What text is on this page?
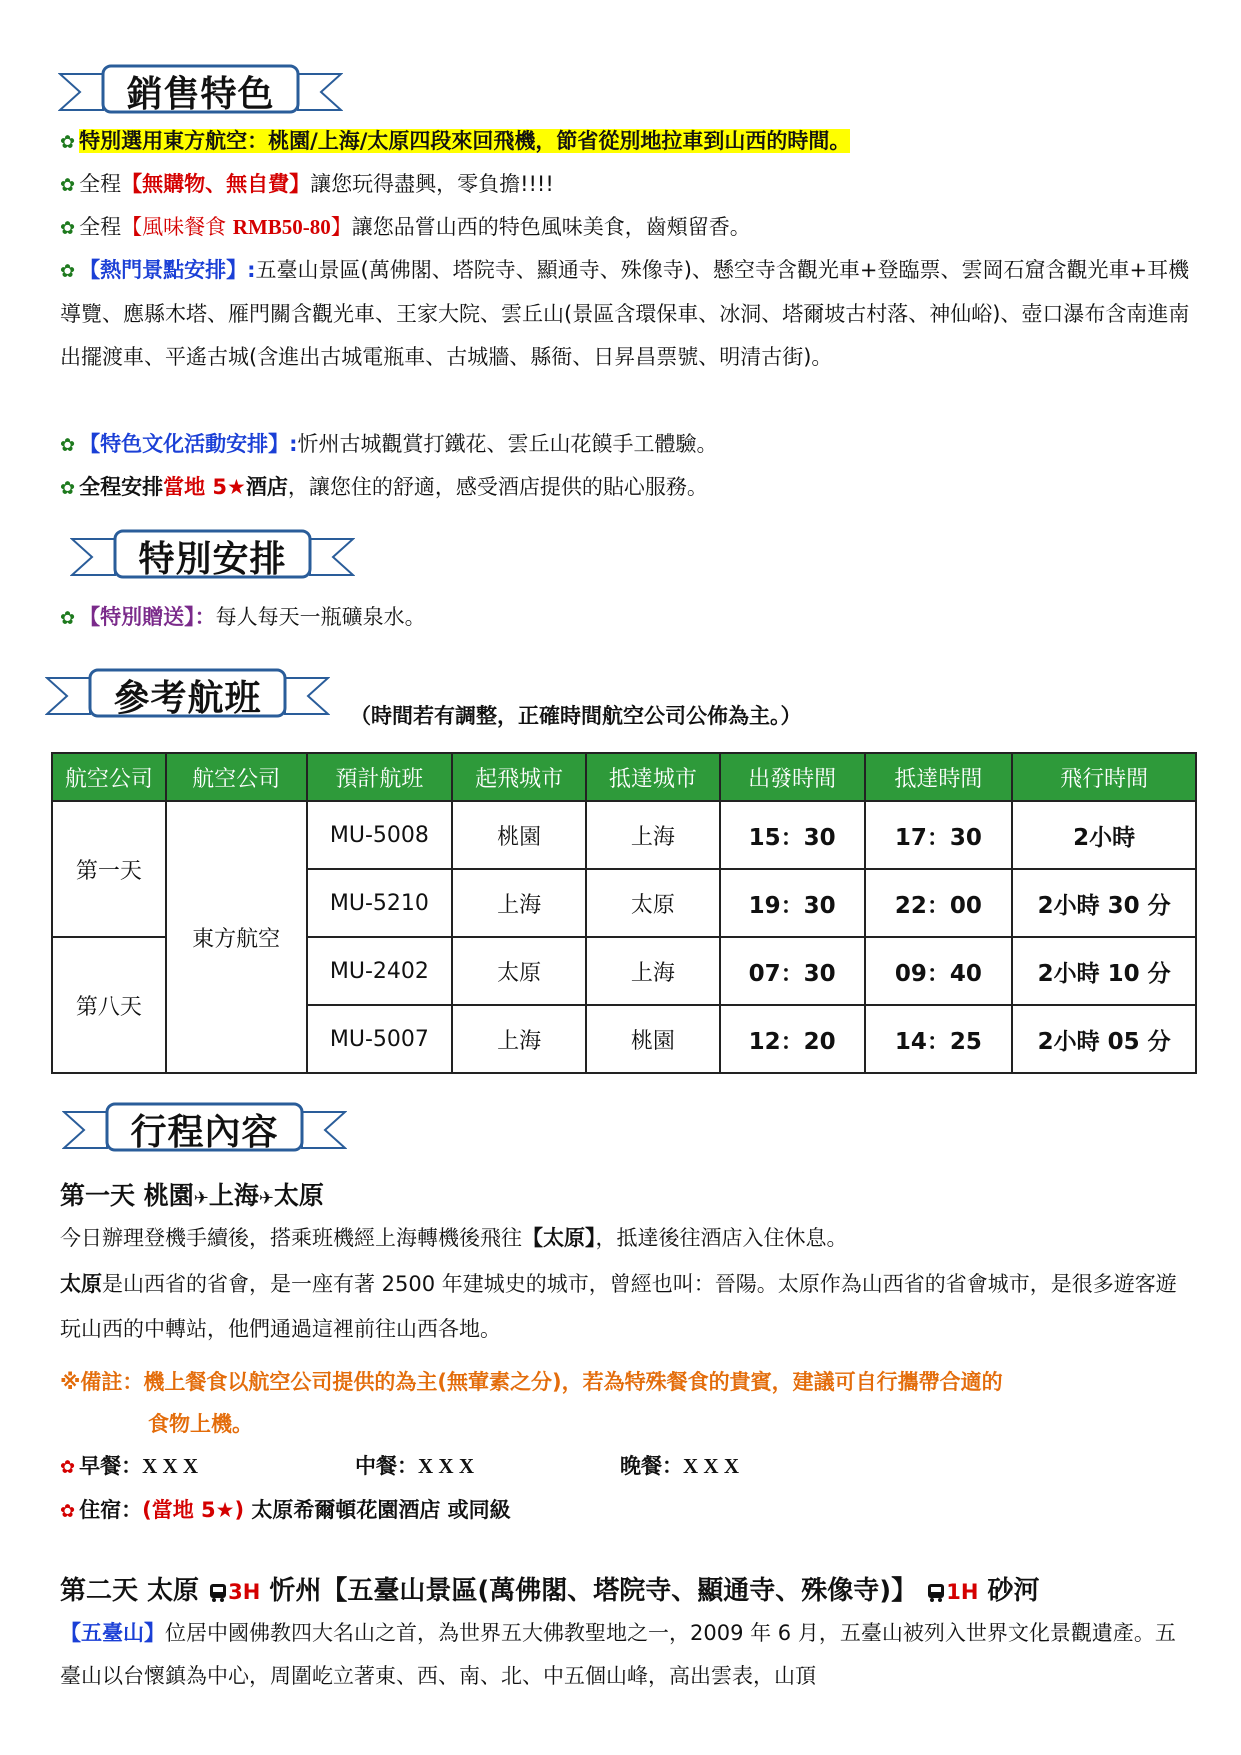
銷售特色
✿ 特別選用東方航空：桃園/上海/太原四段來回飛機，節省從別地拉車到山西的時間。
✿ 全程【無購物、無自費】讓您玩得盡興，零負擔!!!!
✿ 全程【風味餐食 RMB50-80】讓您品嘗山西的特色風味美食，齒頰留香。
✿ 【熱門景點安排】:五臺山景區(萬佛閣、塔院寺、顯通寺、殊像寺)、懸空寺含觀光車+登臨票、雲岡石窟含觀光車+耳機導覽、應縣木塔、雁門關含觀光車、王家大院、雲丘山(景區含環保車、冰洞、塔爾坡古村落、神仙峪)、壺口瀑布含南進南出擺渡車、平遙古城(含進出古城電瓶車、古城牆、縣衙、日昇昌票號、明清古街)。
✿ 【特色文化活動安排】:忻州古城觀賞打鐵花、雲丘山花饃手工體驗。
✿ 全程安排當地 5★酒店，讓您住的舒適，感受酒店提供的貼心服務。
特別安排
✿ 【特別贈送】：每人每天一瓶礦泉水。
參考航班	（時間若有調整，正確時間航空公司公佈為主。）
航空公司	航空公司	預計航班	起飛城市	抵達城市	出發時間	抵達時間	飛行時間
第一天	東方航空	MU-5008	桃園	上海	15：30	17：30	2小時
		MU-5210	上海	太原	19：30	22：00	2小時 30 分
第八天		MU-2402	太原	上海	07：30	09：40	2小時 10 分
		MU-5007	上海	桃園	12：20	14：25	2小時 05 分
行程內容
第一天 桃園✈上海✈太原
今日辦理登機手續後，搭乘班機經上海轉機後飛往【太原】，抵達後往酒店入住休息。
太原是山西省的省會，是一座有著 2500 年建城史的城市，曾經也叫：晉陽。太原作為山西省的省會城市，是很多遊客遊玩山西的中轉站，他們通過這裡前往山西各地。
※備註：機上餐食以航空公司提供的為主(無葷素之分)，若為特殊餐食的貴賓，建議可自行攜帶合適的
食物上機。
✿ 早餐：X X X	中餐：X X X	晚餐：X X X
✿ 住宿：(當地 5★) 太原希爾頓花園酒店 或同級
第二天 太原 3H 忻州【五臺山景區(萬佛閣、塔院寺、顯通寺、殊像寺)】 1H 砂河
【五臺山】位居中國佛教四大名山之首，為世界五大佛教聖地之一，2009 年 6 月，五臺山被列入世界文化景觀遺產。五臺山以台懷鎮為中心，周圍屹立著東、西、南、北、中五個山峰，高出雲表，山頂
